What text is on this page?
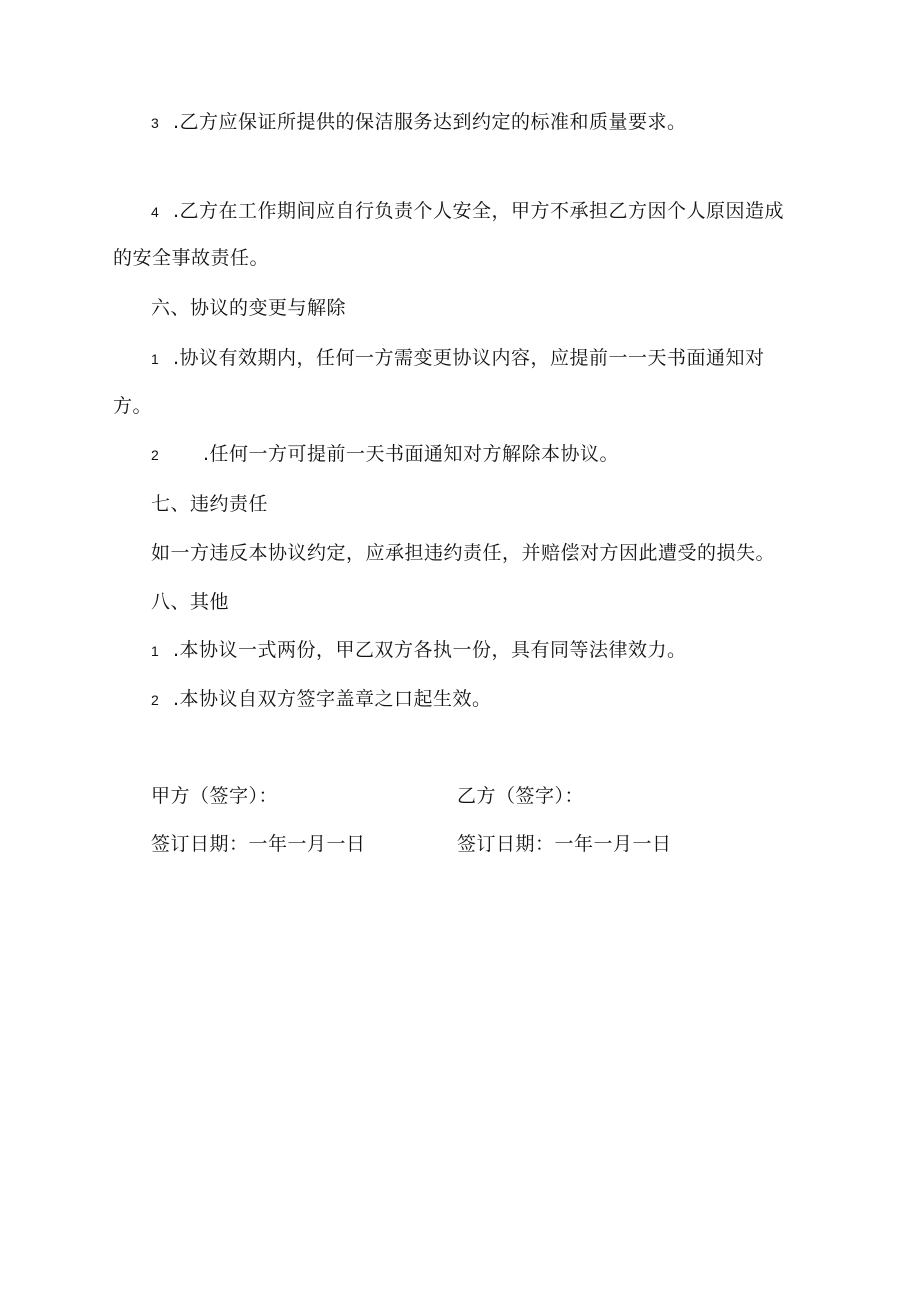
3 .乙方应保证所提供的保洁服务达到约定的标准和质量要求。
4 .乙方在工作期间应自行负责个人安全，甲方不承担乙方因个人原因造成
的安全事故责任。
六、协议的变更与解除
1 .协议有效期内，任何一方需变更协议内容，应提前一一天书面通知对
方。
2 .任何一方可提前一天书面通知对方解除本协议。
七、违约责任
如一方违反本协议约定，应承担违约责任，并赔偿对方因此遭受的损失。
八、其他
1 .本协议一式两份，甲乙双方各执一份，具有同等法律效力。
2 .本协议自双方签字盖章之口起生效。
甲方（签字）：	乙方（签字）：
签订日期：一年一月一日	签订日期：一年一月一日
